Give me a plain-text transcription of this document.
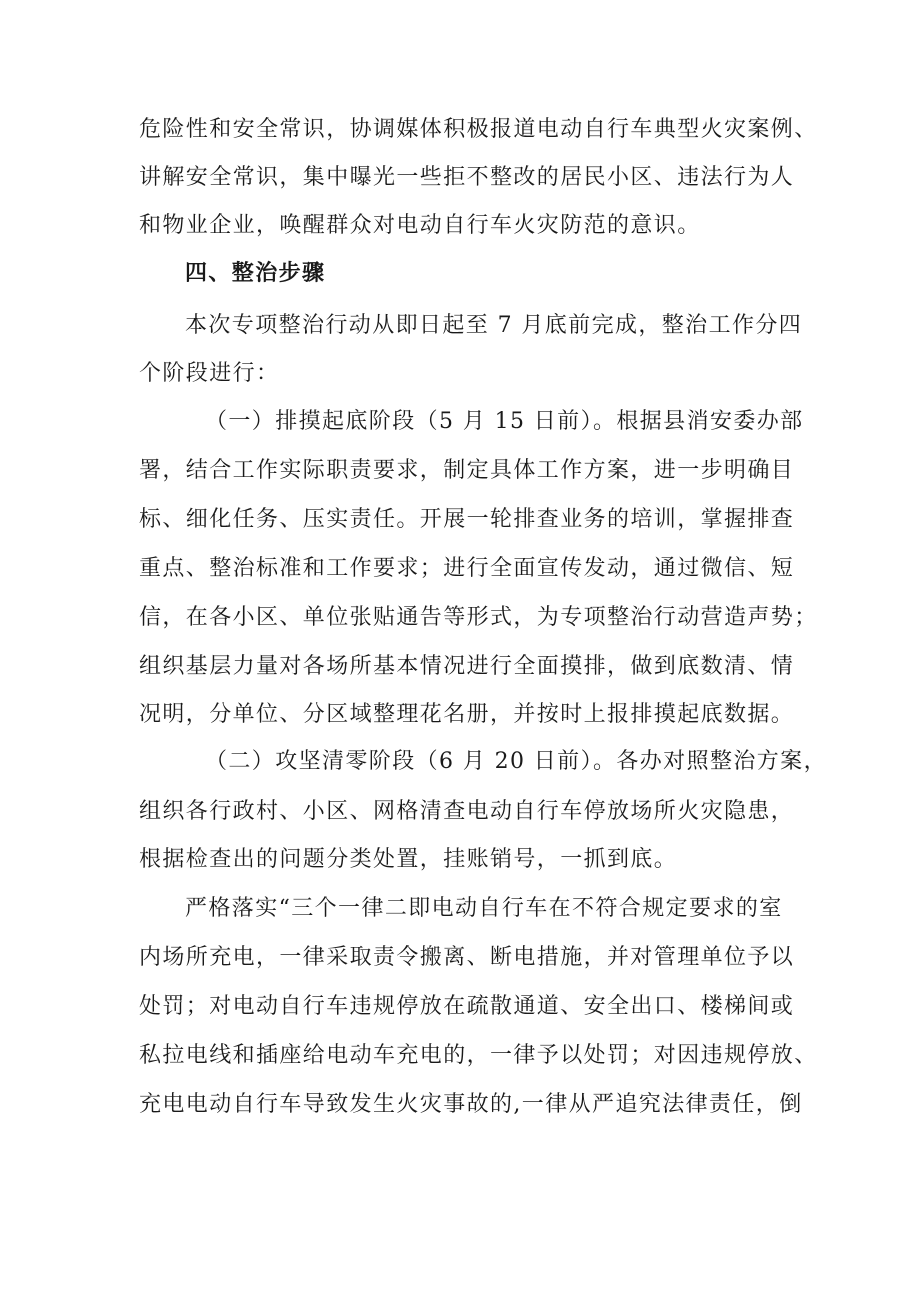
危险性和安全常识，协调媒体积极报道电动自行车典型火灾案例、
讲解安全常识，集中曝光一些拒不整改的居民小区、违法行为人
和物业企业，唤醒群众对电动自行车火灾防范的意识。
四、整治步骤
本次专项整治行动从即日起至 7 月底前完成，整治工作分四
个阶段进行：
（一）排摸起底阶段（5 月 15 日前）。根据县消安委办部
署，结合工作实际职责要求，制定具体工作方案，进一步明确目
标、细化任务、压实责任。开展一轮排查业务的培训，掌握排查
重点、整治标准和工作要求；进行全面宣传发动，通过微信、短
信，在各小区、单位张贴通告等形式，为专项整治行动营造声势；
组织基层力量对各场所基本情况进行全面摸排，做到底数清、情
况明，分单位、分区域整理花名册，并按时上报排摸起底数据。
（二）攻坚清零阶段（6 月 20 日前）。各办对照整治方案，
组织各行政村、小区、网格清查电动自行车停放场所火灾隐患，
根据检查出的问题分类处置，挂账销号，一抓到底。
严格落实“三个一律二即电动自行车在不符合规定要求的室
内场所充电，一律采取责令搬离、断电措施，并对管理单位予以
处罚；对电动自行车违规停放在疏散通道、安全出口、楼梯间或
私拉电线和插座给电动车充电的，一律予以处罚；对因违规停放、
充电电动自行车导致发生火灾事故的,一律从严追究法律责任，倒
